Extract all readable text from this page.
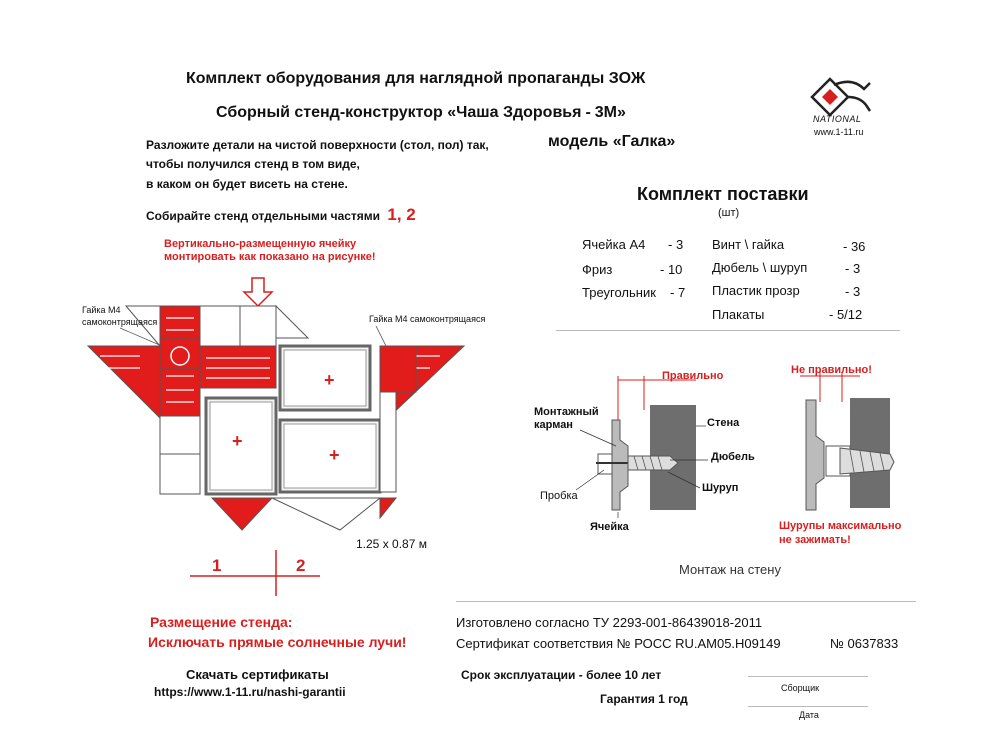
Комплект оборудования для наглядной пропаганды ЗОЖ
Сборный стенд-конструктор «Чаша Здоровья - 3М»
модель «Галка»
NATIONAL
www.1-11.ru
Разложите детали на чистой поверхности (стол, пол) так,
чтобы получился стенд в том виде,
в каком он будет висеть на стене.
Собирайте стенд отдельными частями 1, 2
Вертикально-размещенную ячейку
монтировать как показано на рисунке!
Гайка М4
самоконтрящаяся	Гайка М4 самоконтрящаяся
+
+
+
1.25 х 0.87 м
1	2
Комплект поставки
(шт)
Ячейка А4 - 3
Фриз	- 10
Треугольник - 7
Винт \ гайка	- 36
Дюбель \ шуруп	- 3
Пластик прозр	- 3
Плакаты	- 5/12
Правильно	Не правильно!
Монтажный
карман	Стена
Дюбель
Шуруп
Пробка
Ячейка	Шурупы максимально
не зажимать!
Монтаж на стену
Размещение стенда:
Исключать прямые солнечные лучи!
Изготовлено согласно ТУ 2293-001-86439018-2011
Сертификат соответствия № РОСС RU.АМ05.Н09149	№ 0637833
Скачать сертификаты
https://www.1-11.ru/nashi-garantii
Срок эксплуатации - более 10 лет
Гарантия 1 год
Сборщик
Дата
